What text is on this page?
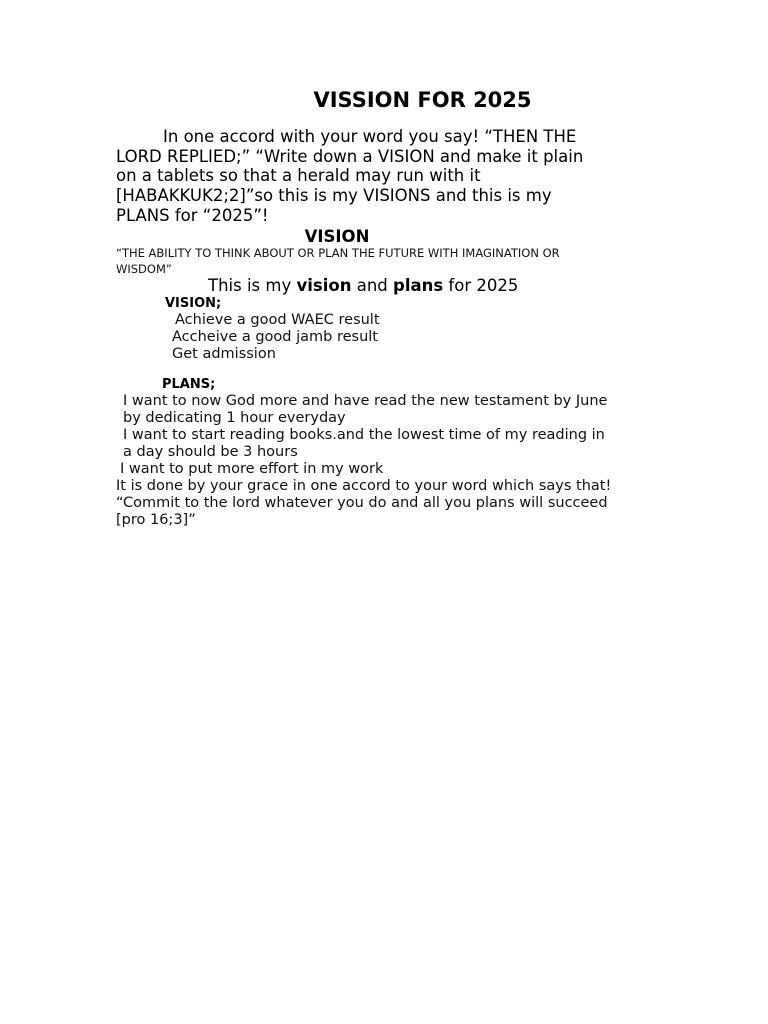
VISSION FOR 2025
In one accord with your word you say! “THEN THE
LORD REPLIED;” “Write down a VISION and make it plain
on a tablets so that a herald may run with it
[HABAKKUK2;2]”so this is my VISIONS and this is my
PLANS for “2025”!
VISION
“THE ABILITY TO THINK ABOUT OR PLAN THE FUTURE WITH IMAGINATION OR
WISDOM”
This is my vision and plans for 2025
VISION;
Achieve a good WAEC result
Accheive a good jamb result
Get admission
PLANS;
I want to now God more and have read the new testament by June
by dedicating 1 hour everyday
I want to start reading books.and the lowest time of my reading in
a day should be 3 hours
I want to put more effort in my work
It is done by your grace in one accord to your word which says that!
“Commit to the lord whatever you do and all you plans will succeed
[pro 16;3]”
